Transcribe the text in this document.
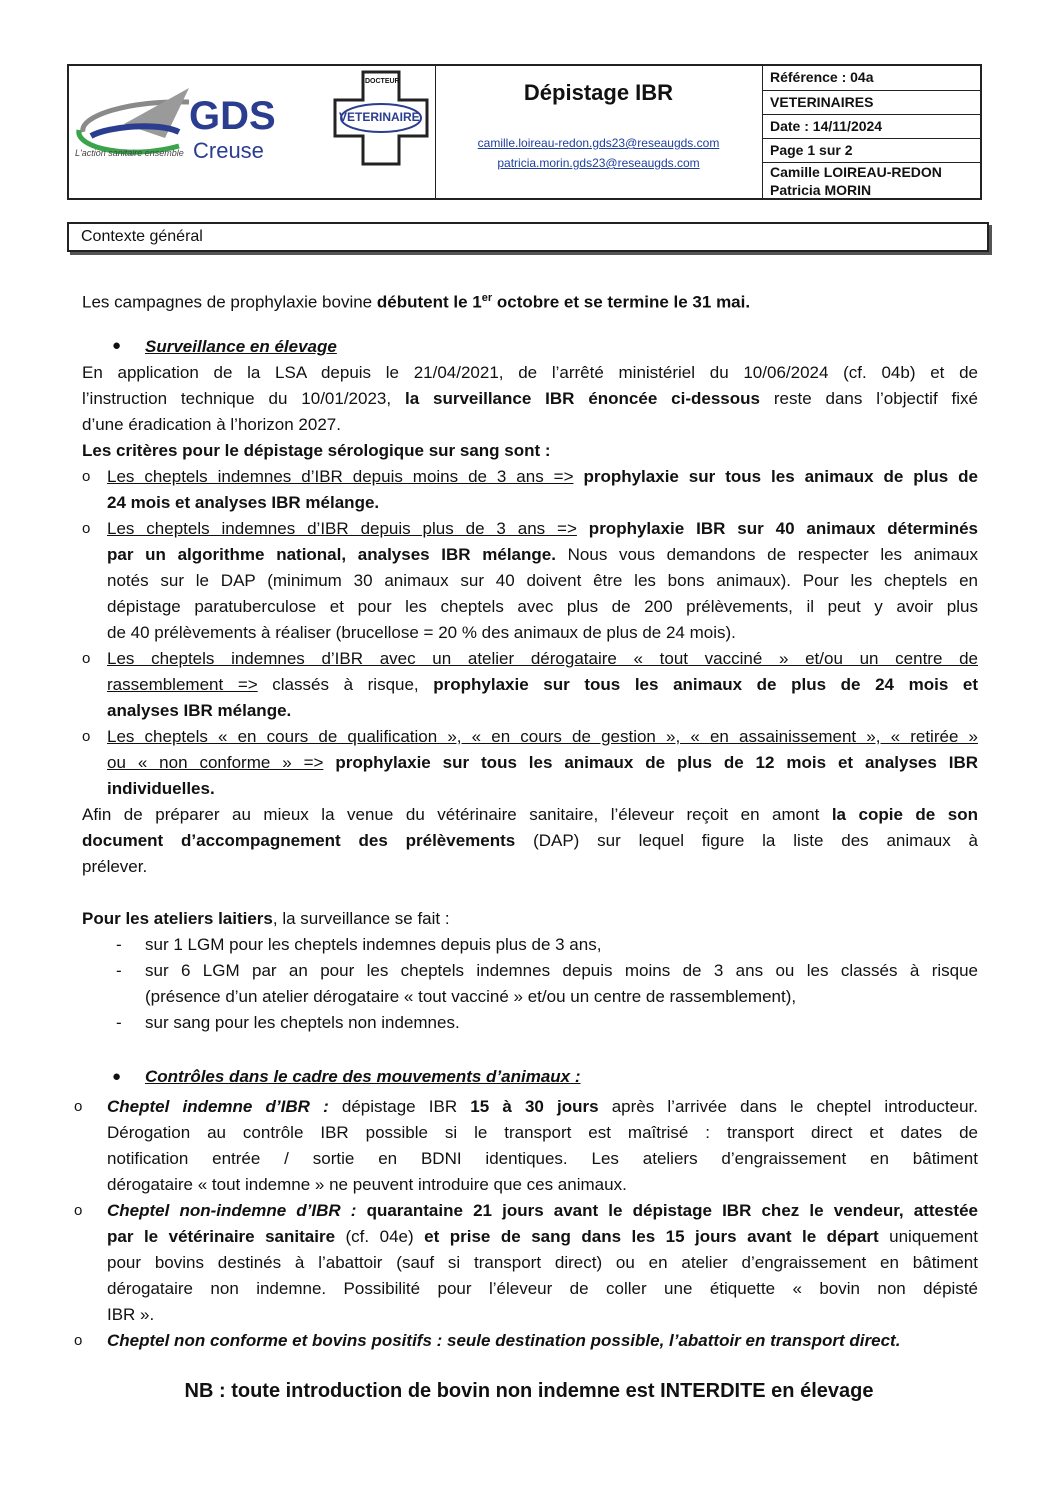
GDS
Creuse
L'action sanitaire ensemble
DOCTEUR
VETERINAIRE
Dépistage IBR
camille.loireau-redon.gds23@reseaugds.com
patricia.morin.gds23@reseaugds.com
Référence : 04a
VETERINAIRES
Date : 14/11/2024
Page 1 sur 2
Camille LOIREAU-REDON
Patricia MORIN
Contexte général
Les campagnes de prophylaxie bovine débutent le 1er octobre et se termine le 31 mai.
● Surveillance en élevage
En application de la LSA depuis le 21/04/2021, de l’arrêté ministériel du 10/06/2024 (cf. 04b) et de
l’instruction technique du 10/01/2023, la surveillance IBR énoncée ci-dessous reste dans l’objectif fixé
d’une éradication à l’horizon 2027.
Les critères pour le dépistage sérologique sur sang sont :
o Les cheptels indemnes d’IBR depuis moins de 3 ans => prophylaxie sur tous les animaux de plus de
24 mois et analyses IBR mélange.
o Les cheptels indemnes d’IBR depuis plus de 3 ans => prophylaxie IBR sur 40 animaux déterminés
par un algorithme national, analyses IBR mélange. Nous vous demandons de respecter les animaux
notés sur le DAP (minimum 30 animaux sur 40 doivent être les bons animaux). Pour les cheptels en
dépistage paratuberculose et pour les cheptels avec plus de 200 prélèvements, il peut y avoir plus
de 40 prélèvements à réaliser (brucellose = 20 % des animaux de plus de 24 mois).
o Les cheptels indemnes d’IBR avec un atelier dérogataire « tout vacciné » et/ou un centre de
rassemblement => classés à risque, prophylaxie sur tous les animaux de plus de 24 mois et
analyses IBR mélange.
o Les cheptels « en cours de qualification », « en cours de gestion », « en assainissement », « retirée »
ou « non conforme » => prophylaxie sur tous les animaux de plus de 12 mois et analyses IBR
individuelles.
Afin de préparer au mieux la venue du vétérinaire sanitaire, l’éleveur reçoit en amont la copie de son
document d’accompagnement des prélèvements (DAP) sur lequel figure la liste des animaux à
prélever.
Pour les ateliers laitiers, la surveillance se fait :
- sur 1 LGM pour les cheptels indemnes depuis plus de 3 ans,
- sur 6 LGM par an pour les cheptels indemnes depuis moins de 3 ans ou les classés à risque
(présence d’un atelier dérogataire « tout vacciné » et/ou un centre de rassemblement),
- sur sang pour les cheptels non indemnes.
● Contrôles dans le cadre des mouvements d’animaux :
o Cheptel indemne d’IBR : dépistage IBR 15 à 30 jours après l’arrivée dans le cheptel introducteur.
Dérogation au contrôle IBR possible si le transport est maîtrisé : transport direct et dates de
notification entrée / sortie en BDNI identiques. Les ateliers d’engraissement en bâtiment
dérogataire « tout indemne » ne peuvent introduire que ces animaux.
o Cheptel non-indemne d’IBR : quarantaine 21 jours avant le dépistage IBR chez le vendeur, attestée
par le vétérinaire sanitaire (cf. 04e) et prise de sang dans les 15 jours avant le départ uniquement
pour bovins destinés à l’abattoir (sauf si transport direct) ou en atelier d’engraissement en bâtiment
dérogataire non indemne. Possibilité pour l’éleveur de coller une étiquette « bovin non dépisté
IBR ».
o Cheptel non conforme et bovins positifs : seule destination possible, l’abattoir en transport direct.
NB : toute introduction de bovin non indemne est INTERDITE en élevage
